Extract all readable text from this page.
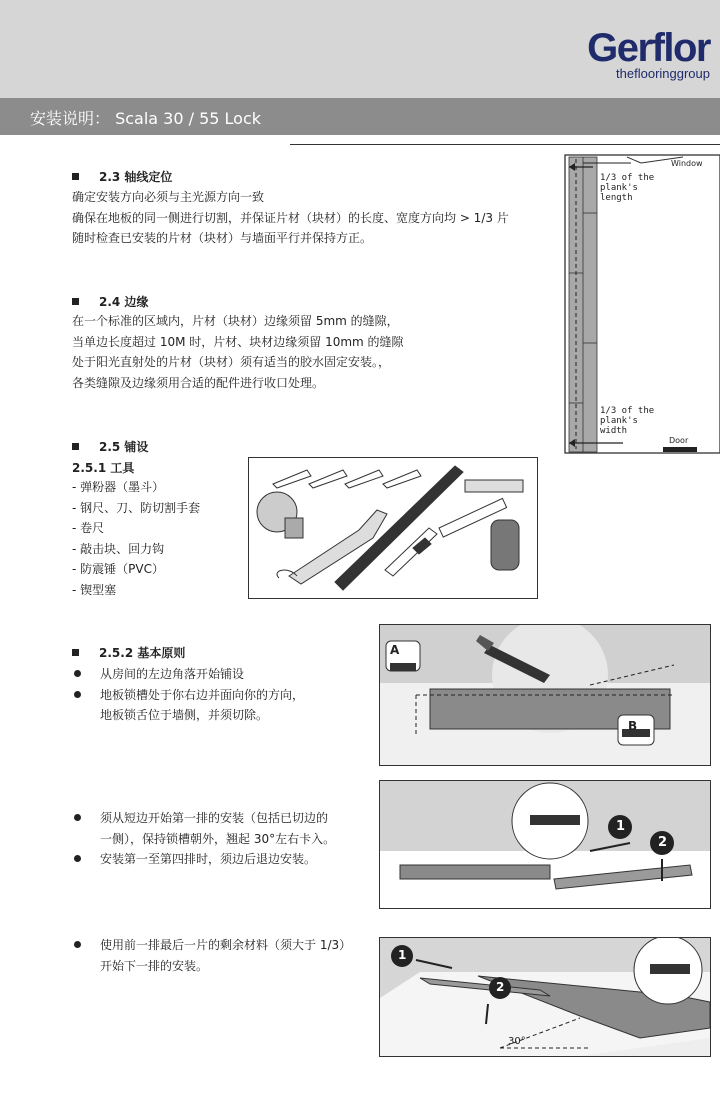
Gerflor
theflooringgroup
安装说明： Scala 30 / 55 Lock
2.3 轴线定位
确定安装方向必须与主光源方向一致
确保在地板的同一侧进行切割，并保证片材（块材）的长度、宽度方向均 > 1/3 片
随时检查已安装的片材（块材）与墙面平行并保持方正。
2.4 边缘
在一个标准的区域内，片材（块材）边缘须留 5mm 的缝隙，
当单边长度超过 10M 时，片材、块材边缘须留 10mm 的缝隙
处于阳光直射处的片材（块材）须有适当的胶水固定安装。，
各类缝隙及边缘须用合适的配件进行收口处理。
1/3 of the
plank's
length
1/3 of the
plank's
width
Window
Door
2.5 铺设
2.5.1 工具
- 弹粉器（墨斗）
- 钢尺、刀、防切割手套
- 卷尺
- 敲击块、回力钩
- 防震锤（PVC）
- 锲型塞
2.5.2 基本原则
从房间的左边角落开始铺设
地板锁槽处于你右边并面向你的方向，
地板锁舌位于墙侧，并须切除。
A
B
须从短边开始第一排的安装（包括已切边的
一侧），保持锁槽朝外，翘起 30°左右卡入。
安装第一至第四排时，须边后退边安装。
1
2
使用前一排最后一片的剩余材料（须大于 1/3）
开始下一排的安装。
1
2
30°
